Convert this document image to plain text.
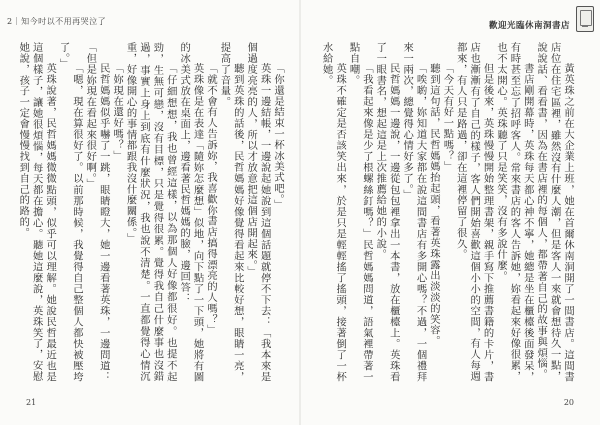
2｜知今吋以不用再哭泣了

「你還是結束一杯冰美式吧。」

英珠一邊結帳，一邊說起她說到這個話題就停不下去：「我本來是個過度亮亮的人，所以才放意把這個店開起來。」

聽到英珠的話後，民哲媽媽好像覺得看起來比較好想，眼睛一亮，提高了音量。

「就不會有人告訴妳，我喜歡你書店搞得漂亮的人嗎？」

英珠像是在表達「隨妳怎麼想」似地，向下點了一下頭，她將有圖的冰美式放在桌面上，邊看著民哲媽媽的臉，邊回答：

「仔細想想，我也曾經這樣，以為那個人好像都很好。也提不起勁，生無可戀，沒有目標，只是覺得很累。覺得我自己什麼事也沒錯過，事實上身上到底有什麼狀況，我也說不清楚。一直都覺得心情沉重，好像開心的事情都跟我沒什麼關係。」

「妳現在還好嗎？」

民哲媽媽似乎嚇了一跳，眼睛瞪大，她一邊看著英珠，一邊問道：「但是妳現在看起來很好啊。」

「嗯，現在算很好了。以前那時候，我覺得自己整個人都快被壓垮了。」

英珠說著，民哲媽媽微微點頭，似乎可以理解。她說民哲最近也是這個樣子，讓她很煩惱，每天都在擔心。聽她這麼說，英珠笑了，安慰她說，孩子一定會慢慢找到自己的路的。

21
歡迎光臨休南洞書店

黃英珠之前在大企業上班，她在首爾休南洞開了一間書店。這間書店位在住宅區裡，雖然沒有什麼人潮，但是客人一來就會想待久一點，說說話、看看書，因為在書店裡的每個人，都帶著自己的故事與煩惱。

書店剛開幕時，英珠每天都心神不寧，她總是坐在櫃檯後面發呆，有時甚至忘了招呼客人。常來書店的客人告訴她，妳看起來好像很累，也不太開心。英珠聽了只是笑笑，沒有多說什麼。

但是後來，英珠慢慢開始整理書架，親手寫下推薦書籍的卡片，書店也漸漸有了自己的樣子，客人們開始喜歡這個小小的空間，有人每週都來，有人只是路過，卻在這裡停留了很久。

「今天有好一點嗎？」

聽到這句話，民哲媽媽抬起頭，看著英珠露出淡淡的笑容。

「唉喲，妳知道大家都在說這間書店有多開心嗎？不過，一個禮拜來一兩次，總覺得心情好多了。」

民哲媽媽一邊說，一邊從包包裡拿出一本書，放在櫃檯上。英珠看了一眼書名，想起這是上次推薦給她的小說。

「我看起來像是少了根螺絲釘嗎？」民哲媽媽問道，語氣裡帶著一點自嘲。

英珠不確定是否該笑出來，於是只是輕輕搖了搖頭，接著倒了一杯水給她。

20
